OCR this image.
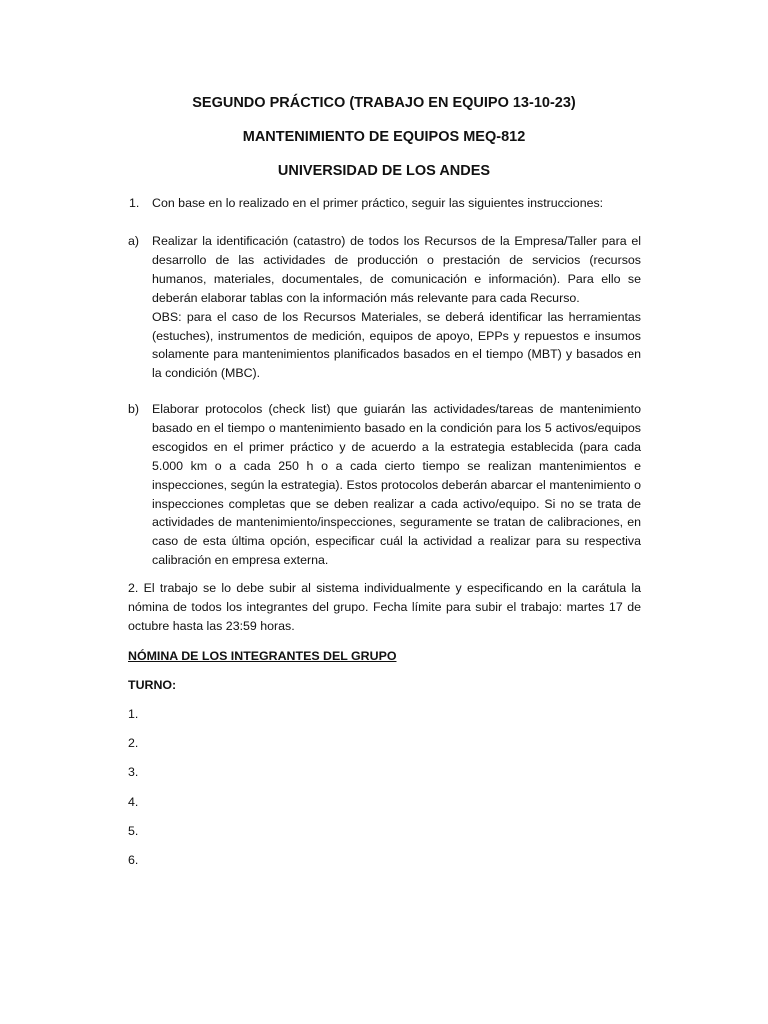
SEGUNDO PRÁCTICO (TRABAJO EN EQUIPO 13-10-23)

MANTENIMIENTO DE EQUIPOS MEQ-812

UNIVERSIDAD DE LOS ANDES

1. Con base en lo realizado en el primer práctico, seguir las siguientes instrucciones:
a) Realizar la identificación (catastro) de todos los Recursos de la Empresa/Taller para el desarrollo de las actividades de producción o prestación de servicios (recursos humanos, materiales, documentales, de comunicación e información). Para ello se deberán elaborar tablas con la información más relevante para cada Recurso.

OBS: para el caso de los Recursos Materiales, se deberá identificar las herramientas (estuches), instrumentos de medición, equipos de apoyo, EPPs y repuestos e insumos solamente para mantenimientos planificados basados en el tiempo (MBT) y basados en la condición (MBC).

b) Elaborar protocolos (check list) que guiarán las actividades/tareas de mantenimiento basado en el tiempo o mantenimiento basado en la condición para los 5 activos/equipos escogidos en el primer práctico y de acuerdo a la estrategia establecida (para cada 5.000 km o a cada 250 h o a cada cierto tiempo se realizan mantenimientos e inspecciones, según la estrategia). Estos protocolos deberán abarcar el mantenimiento o inspecciones completas que se deben realizar a cada activo/equipo. Si no se trata de actividades de mantenimiento/inspecciones, seguramente se tratan de calibraciones, en caso de esta última opción, especificar cuál la actividad a realizar para su respectiva calibración en empresa externa.

2. El trabajo se lo debe subir al sistema individualmente y especificando en la carátula la nómina de todos los integrantes del grupo. Fecha límite para subir el trabajo: martes 17 de octubre hasta las 23:59 horas.

NÓMINA DE LOS INTEGRANTES DEL GRUPO

TURNO:

1.
2.
3.
4.
5.
6.
